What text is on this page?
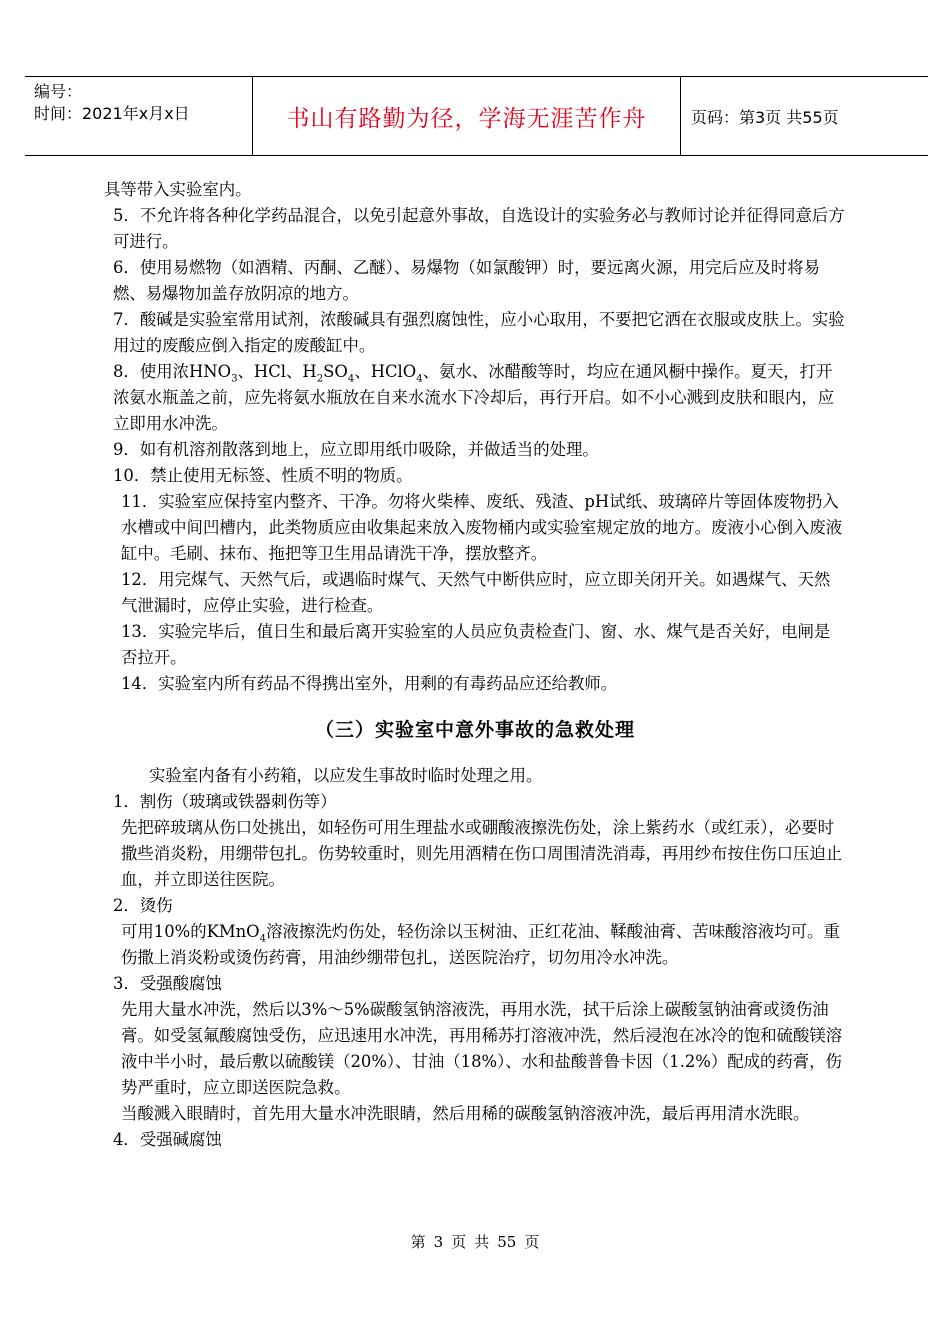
编号：
时间：2021年x月x日	书山有路勤为径，学海无涯苦作舟	页码：第3页 共55页

具等带入实验室内。

5．不允许将各种化学药品混合，以免引起意外事故，自选设计的实验务必与教师讨论并征得同意后方可进行。

6．使用易燃物（如酒精、丙酮、乙醚）、易爆物（如氯酸钾）时，要远离火源，用完后应及时将易燃、易爆物加盖存放阴凉的地方。

7．酸碱是实验室常用试剂，浓酸碱具有强烈腐蚀性，应小心取用，不要把它洒在衣服或皮肤上。实验用过的废酸应倒入指定的废酸缸中。

8．使用浓$HNO_3$、HCl、$H_2SO_4$、HClO$_4$、氨水、冰醋酸等时，均应在通风橱中操作。夏天，打开浓氨水瓶盖之前，应先将氨水瓶放在自来水流水下冷却后，再行开启。如不小心溅到皮肤和眼内，应立即用水冲洗。

9．如有机溶剂散落到地上，应立即用纸巾吸除，并做适当的处理。

10．禁止使用无标签、性质不明的物质。

11．实验室应保持室内整齐、干净。勿将火柴棒、废纸、残渣、pH试纸、玻璃碎片等固体废物扔入水槽或中间凹槽内，此类物质应由收集起来放入废物桶内或实验室规定放的地方。废液小心倒入废液缸中。毛刷、抹布、拖把等卫生用品请洗干净，摆放整齐。

12．用完煤气、天然气后，或遇临时煤气、天然气中断供应时，应立即关闭开关。如遇煤气、天然气泄漏时，应停止实验，进行检查。

13．实验完毕后，值日生和最后离开实验室的人员应负责检查门、窗、水、煤气是否关好，电闸是否拉开。

14．实验室内所有药品不得携出室外，用剩的有毒药品应还给教师。

（三）实验室中意外事故的急救处理

实验室内备有小药箱，以应发生事故时临时处理之用。

1．割伤（玻璃或铁器刺伤等）

先把碎玻璃从伤口处挑出，如轻伤可用生理盐水或硼酸液擦洗伤处，涂上紫药水（或红汞），必要时撒些消炎粉，用绷带包扎。伤势较重时，则先用酒精在伤口周围清洗消毒，再用纱布按住伤口压迫止血，并立即送往医院。

2．烫伤

可用10%的KMnO$_4$溶液擦洗灼伤处，轻伤涂以玉树油、正红花油、鞣酸油膏、苦味酸溶液均可。重伤撒上消炎粉或烫伤药膏，用油纱绷带包扎，送医院治疗，切勿用冷水冲洗。

3．受强酸腐蚀

先用大量水冲洗，然后以3%～5%碳酸氢钠溶液洗，再用水洗，拭干后涂上碳酸氢钠油膏或烫伤油膏。如受氢氟酸腐蚀受伤，应迅速用水冲洗，再用稀苏打溶液冲洗，然后浸泡在冰冷的饱和硫酸镁溶液中半小时，最后敷以硫酸镁（20%）、甘油（18%）、水和盐酸普鲁卡因（1.2%）配成的药膏，伤势严重时，应立即送医院急救。

当酸溅入眼睛时，首先用大量水冲洗眼睛，然后用稀的碳酸氢钠溶液冲洗，最后再用清水洗眼。

4．受强碱腐蚀

第 3 页 共 55 页
